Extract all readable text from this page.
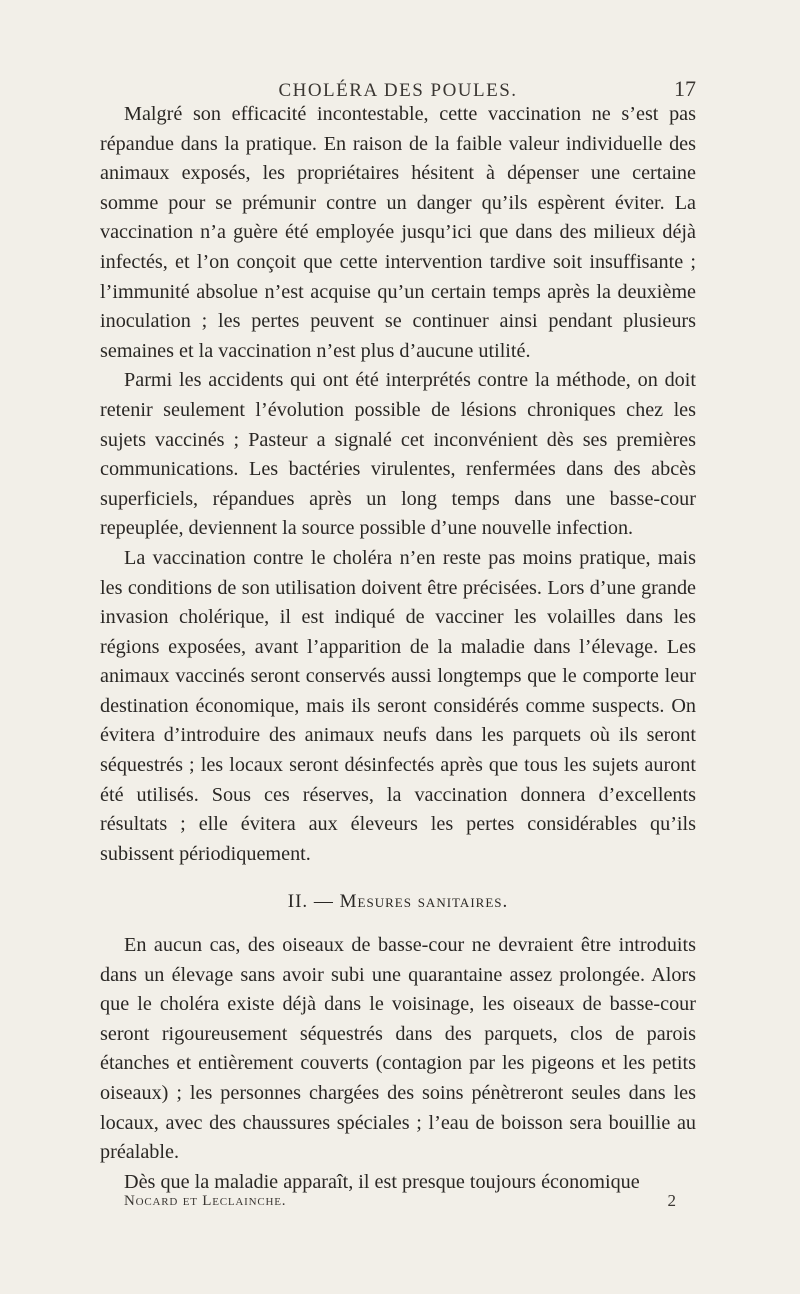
CHOLÉRA DES POULES.	17

Malgré son efficacité incontestable, cette vaccination ne s’est pas répandue dans la pratique. En raison de la faible valeur individuelle des animaux exposés, les propriétaires hésitent à dépenser une certaine somme pour se prémunir contre un danger qu’ils espèrent éviter. La vaccination n’a guère été employée jusqu’ici que dans des milieux déjà infectés, et l’on conçoit que cette intervention tardive soit insuffisante ; l’immunité absolue n’est acquise qu’un certain temps après la deuxième inoculation ; les pertes peuvent se continuer ainsi pendant plusieurs semaines et la vaccination n’est plus d’aucune utilité.

Parmi les accidents qui ont été interprétés contre la méthode, on doit retenir seulement l’évolution possible de lésions chroniques chez les sujets vaccinés ; Pasteur a signalé cet inconvénient dès ses premières communications. Les bactéries virulentes, renfermées dans des abcès superficiels, répandues après un long temps dans une basse-cour repeuplée, deviennent la source possible d’une nouvelle infection.

La vaccination contre le choléra n’en reste pas moins pratique, mais les conditions de son utilisation doivent être précisées. Lors d’une grande invasion cholérique, il est indiqué de vacciner les volailles dans les régions exposées, avant l’apparition de la maladie dans l’élevage. Les animaux vaccinés seront conservés aussi longtemps que le comporte leur destination économique, mais ils seront considérés comme suspects. On évitera d’introduire des animaux neufs dans les parquets où ils seront séquestrés ; les locaux seront désinfectés après que tous les sujets auront été utilisés. Sous ces réserves, la vaccination donnera d’excellents résultats ; elle évitera aux éleveurs les pertes considérables qu’ils subissent périodiquement.

II. — Mesures sanitaires.

En aucun cas, des oiseaux de basse-cour ne devraient être introduits dans un élevage sans avoir subi une quarantaine assez prolongée. Alors que le choléra existe déjà dans le voisinage, les oiseaux de basse-cour seront rigoureusement séquestrés dans des parquets, clos de parois étanches et entièrement couverts (contagion par les pigeons et les petits oiseaux) ; les personnes chargées des soins pénètreront seules dans les locaux, avec des chaussures spéciales ; l’eau de boisson sera bouillie au préalable.

Dès que la maladie apparaît, il est presque toujours économique

Nocard et Leclainche.	2
